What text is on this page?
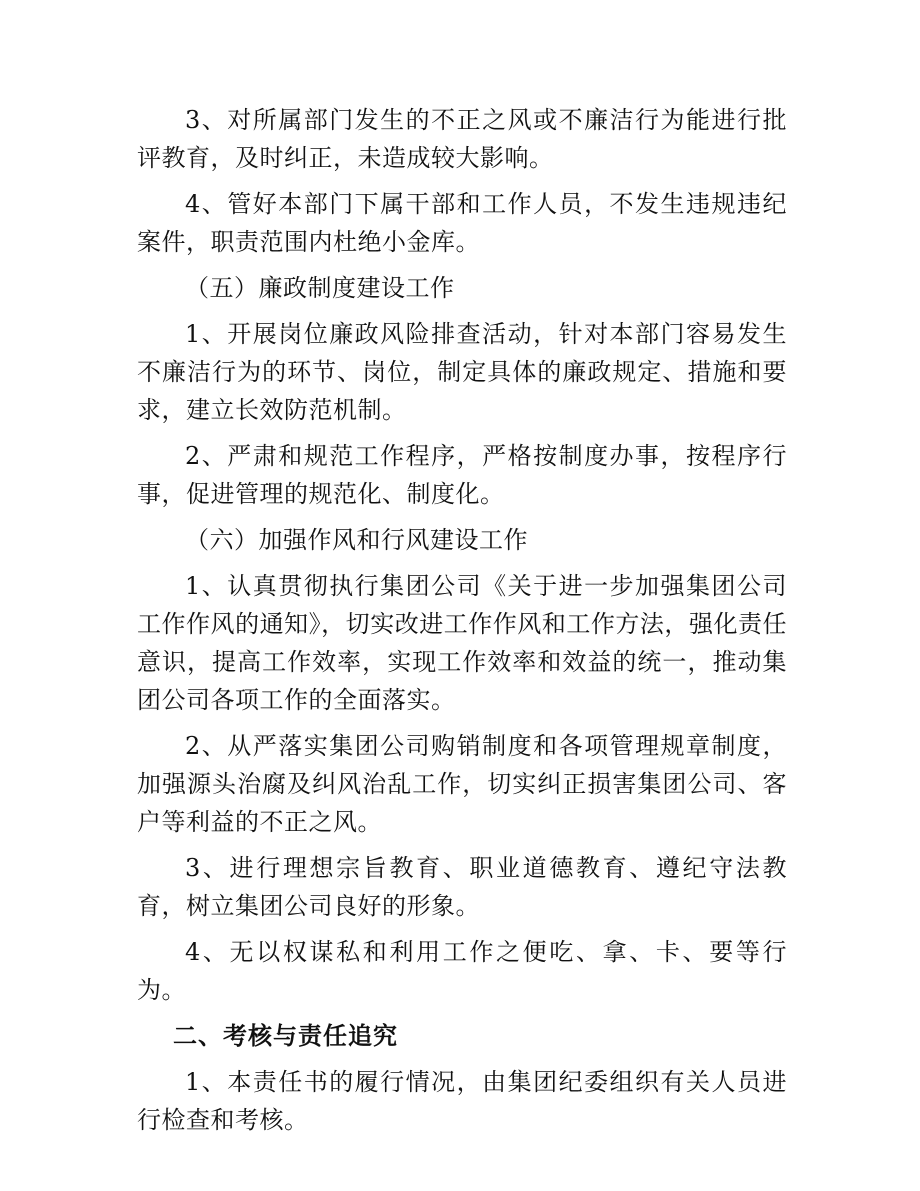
3、对所属部门发生的不正之风或不廉洁行为能进行批评教育，及时纠正，未造成较大影响。

4、管好本部门下属干部和工作人员，不发生违规违纪案件，职责范围内杜绝小金库。

（五）廉政制度建设工作

1、开展岗位廉政风险排查活动，针对本部门容易发生不廉洁行为的环节、岗位，制定具体的廉政规定、措施和要求，建立长效防范机制。

2、严肃和规范工作程序，严格按制度办事，按程序行事，促进管理的规范化、制度化。

（六）加强作风和行风建设工作

1、认真贯彻执行集团公司《关于进一步加强集团公司工作作风的通知》，切实改进工作作风和工作方法，强化责任意识，提高工作效率，实现工作效率和效益的统一，推动集团公司各项工作的全面落实。

2、从严落实集团公司购销制度和各项管理规章制度，加强源头治腐及纠风治乱工作，切实纠正损害集团公司、客户等利益的不正之风。

3、进行理想宗旨教育、职业道德教育、遵纪守法教育，树立集团公司良好的形象。

4、无以权谋私和利用工作之便吃、拿、卡、要等行为。

二、考核与责任追究

1、本责任书的履行情况，由集团纪委组织有关人员进行检查和考核。
